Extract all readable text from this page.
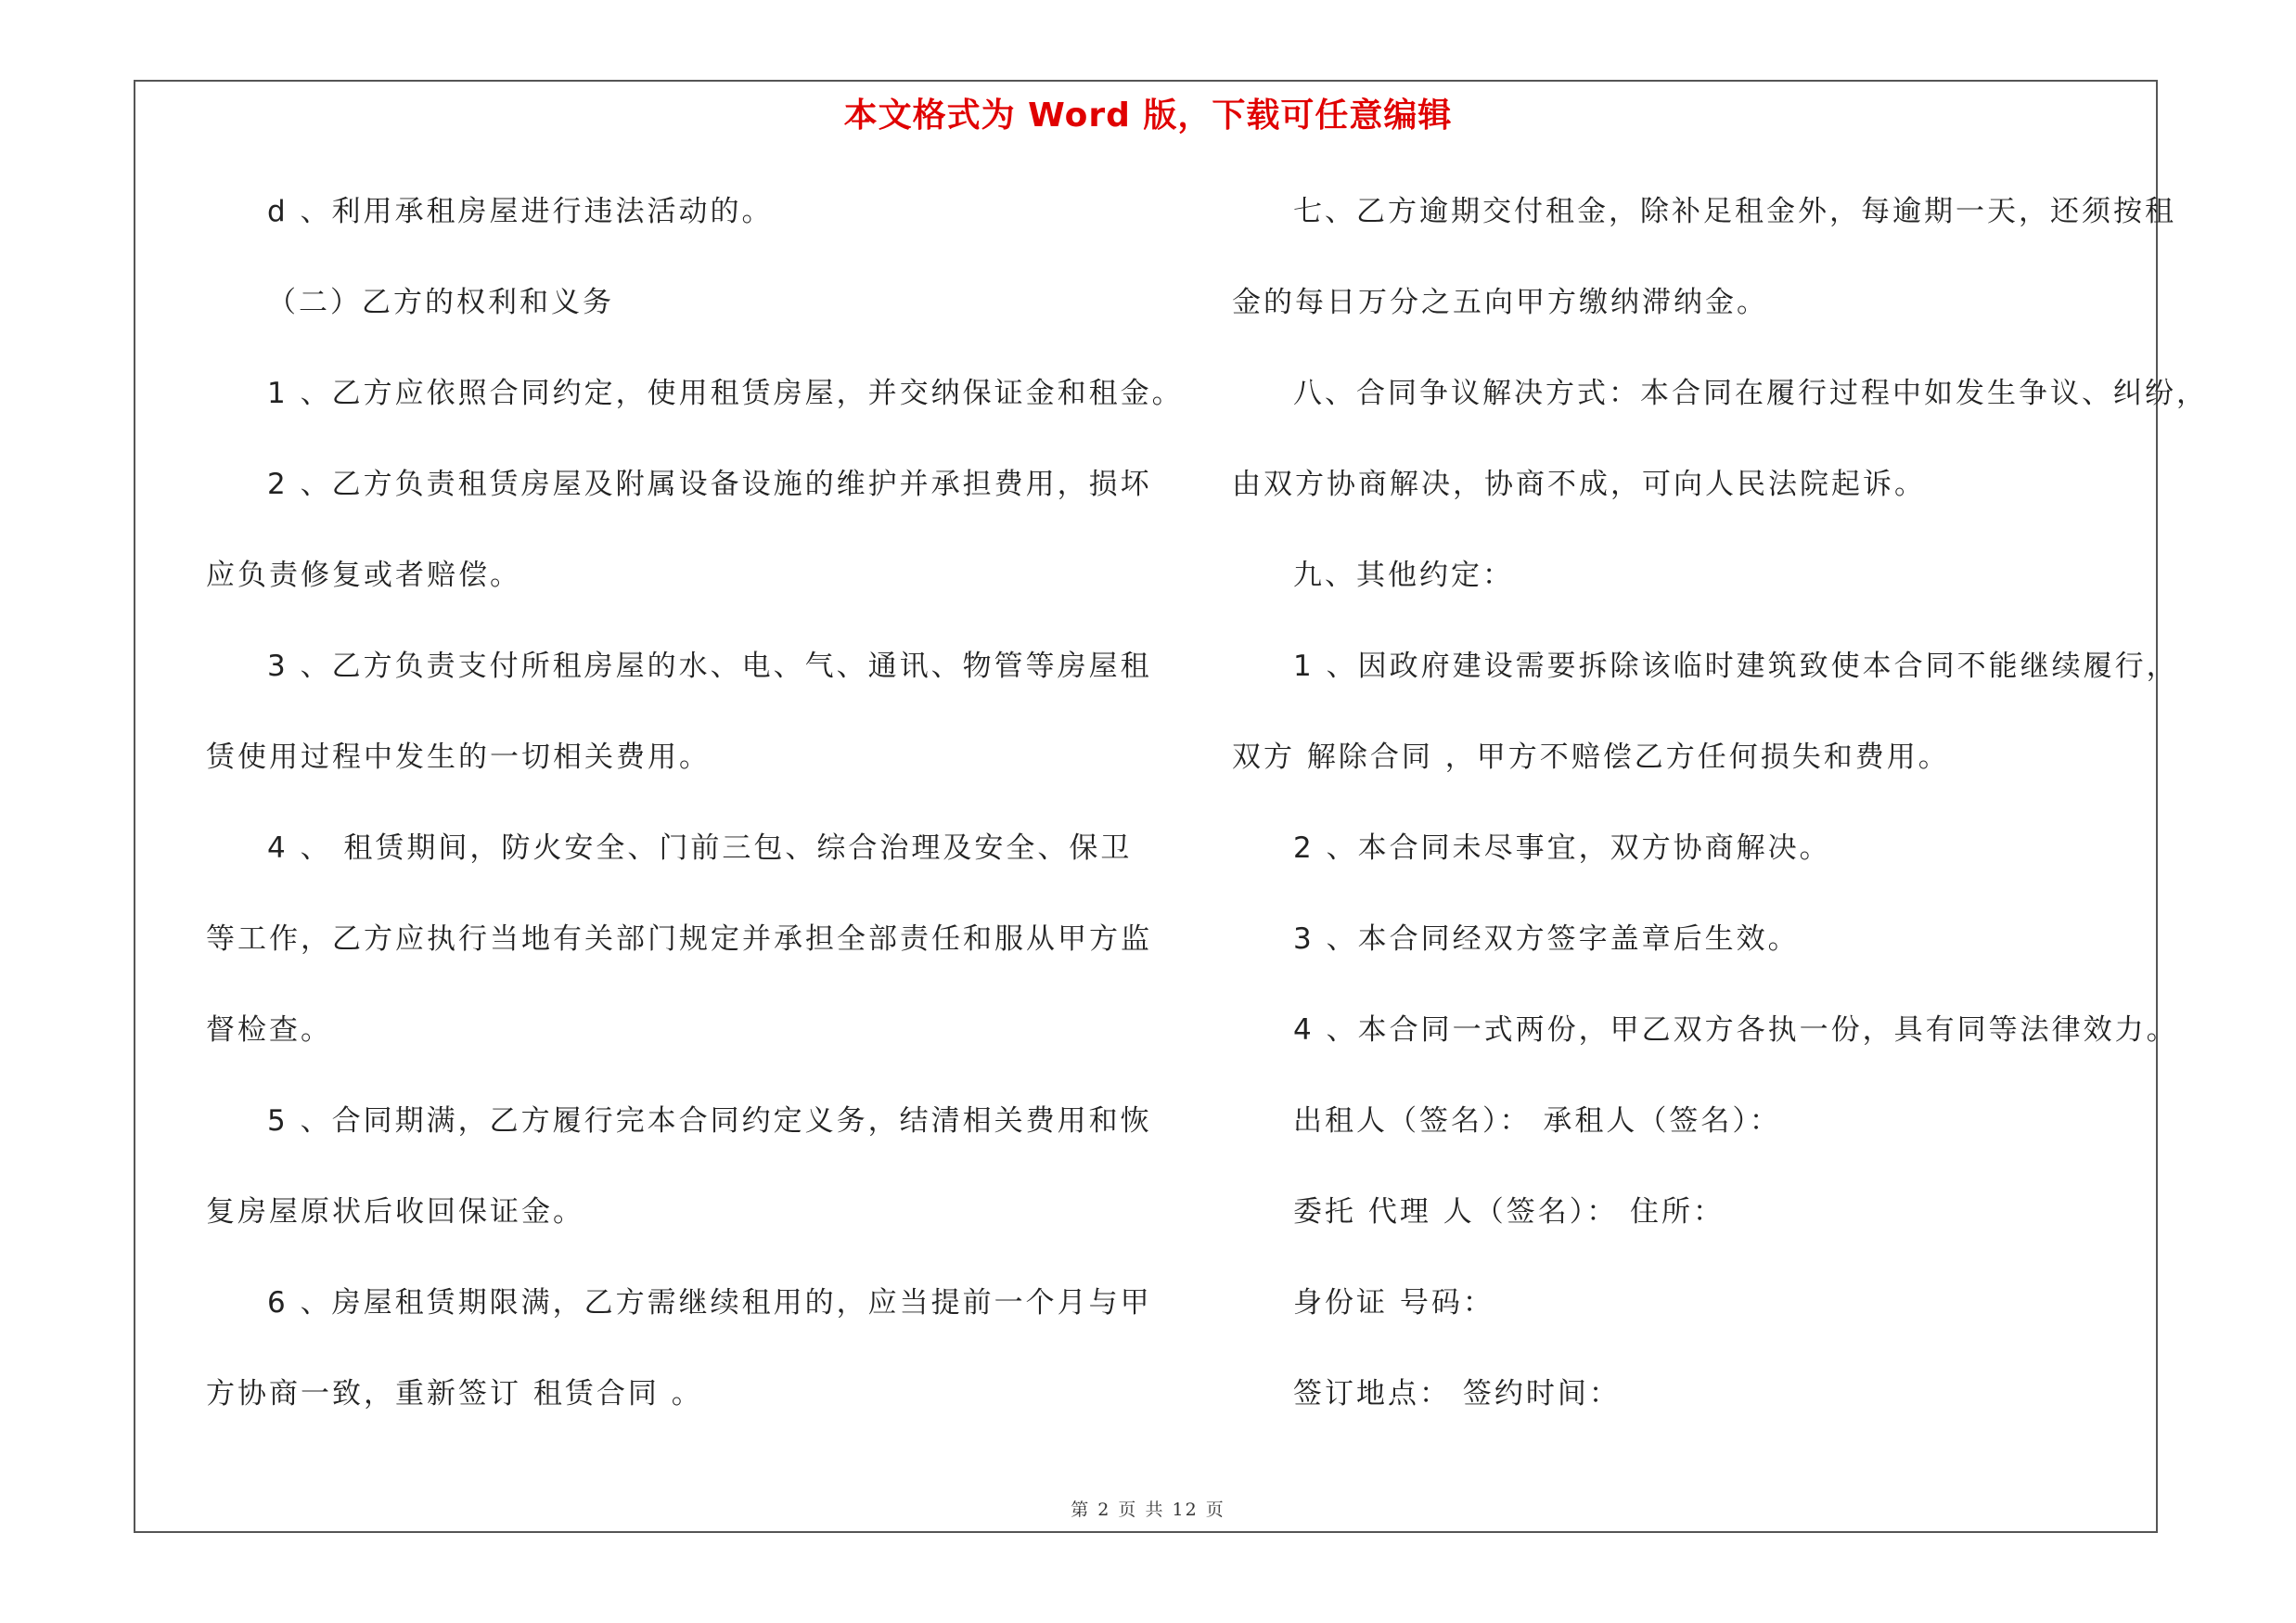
本文格式为 Word 版，下载可任意编辑
d 、利用承租房屋进行违法活动的。
（二）乙方的权利和义务
1 、乙方应依照合同约定，使用租赁房屋，并交纳保证金和租金。
2 、乙方负责租赁房屋及附属设备设施的维护并承担费用，损坏
应负责修复或者赔偿。
3 、乙方负责支付所租房屋的水、电、气、通讯、物管等房屋租
赁使用过程中发生的一切相关费用。
4 、 租赁期间，防火安全、门前三包、综合治理及安全、保卫
等工作，乙方应执行当地有关部门规定并承担全部责任和服从甲方监
督检查。
5 、合同期满，乙方履行完本合同约定义务，结清相关费用和恢
复房屋原状后收回保证金。
6 、房屋租赁期限满，乙方需继续租用的，应当提前一个月与甲
方协商一致，重新签订 租赁合同 。
七、乙方逾期交付租金，除补足租金外，每逾期一天，还须按租
金的每日万分之五向甲方缴纳滞纳金。
八、合同争议解决方式：本合同在履行过程中如发生争议、纠纷，
由双方协商解决，协商不成，可向人民法院起诉。
九、其他约定：
1 、因政府建设需要拆除该临时建筑致使本合同不能继续履行，
双方 解除合同 ，甲方不赔偿乙方任何损失和费用。
2 、本合同未尽事宜，双方协商解决。
3 、本合同经双方签字盖章后生效。
4 、本合同一式两份，甲乙双方各执一份，具有同等法律效力。
出租人（签名）： 承租人（签名）：
委托 代理 人（签名）： 住所：
身份证 号码：
签订地点： 签约时间：
第 2 页 共 12 页
